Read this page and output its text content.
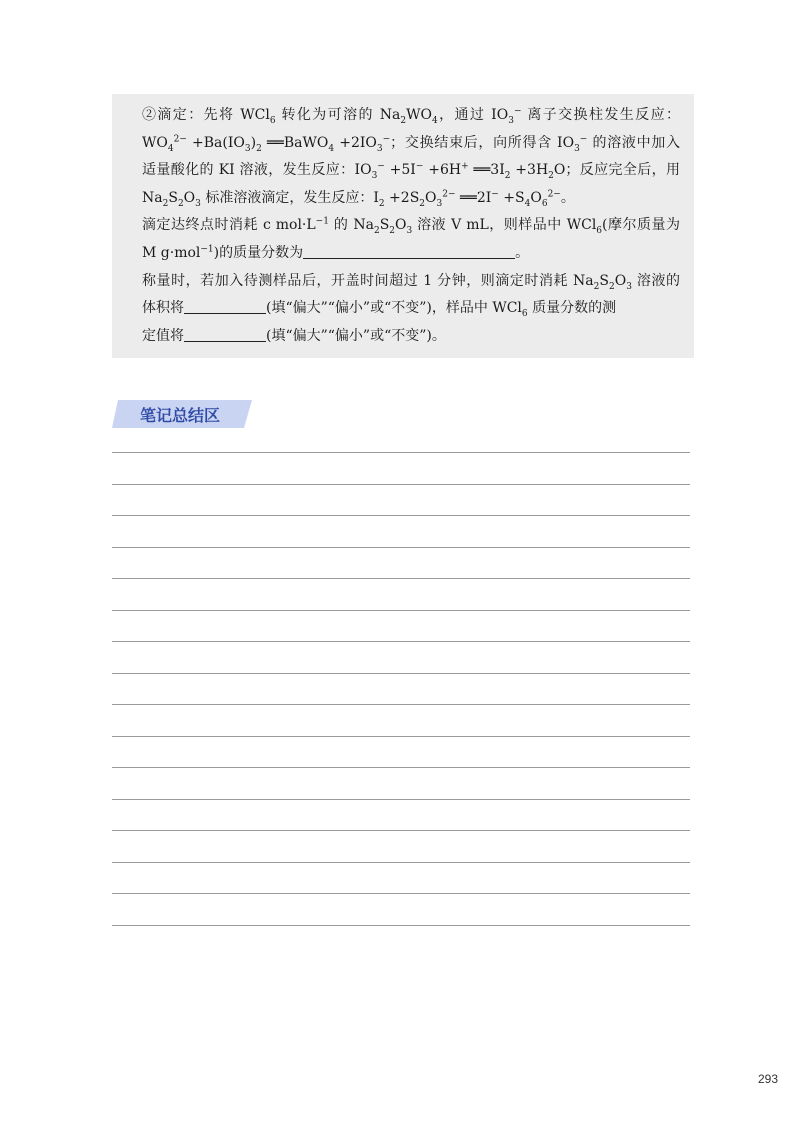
②滴定：先将 WCl$_6$ 转化为可溶的 $Na_2WO_4$，通过 $IO_3^-$ 离子交换柱发生反应：
$WO_4^{2-} +Ba(IO_3)_2$ ══BaWO$_4$ $+2IO_3^-$；交换结束后，向所得含 $IO_3^-$ 的溶液中加入
适量酸化的 KI 溶液，发生反应：$IO_3^- +5I^- +6H^+$ $══3I_2 +3H_2O$；反应完全后，用
$Na_2S_2O_3$ 标准溶液滴定，发生反应：$I_2 +2S_2O_3^{2-}$ ══2I− $+S_4O_6^{2-}$。
滴定达终点时消耗 c $mol\cdot L^{-1}$ 的 $Na_2S_2O_3$ 溶液 V mL，则样品中 WCl$_6$(摩尔质量为
M g·mol$^{-1}$)的质量分数为	。
称量时，若加入待测样品后，开盖时间超过 1 分钟，则滴定时消耗 $Na_2S_2O_3$ 溶液的
体积将	(填“偏大”“偏小”或“不变”)，样品中 WCl$_6$ 质量分数的测
定值将	(填“偏大”“偏小”或“不变”)。
笔记总结区
293
